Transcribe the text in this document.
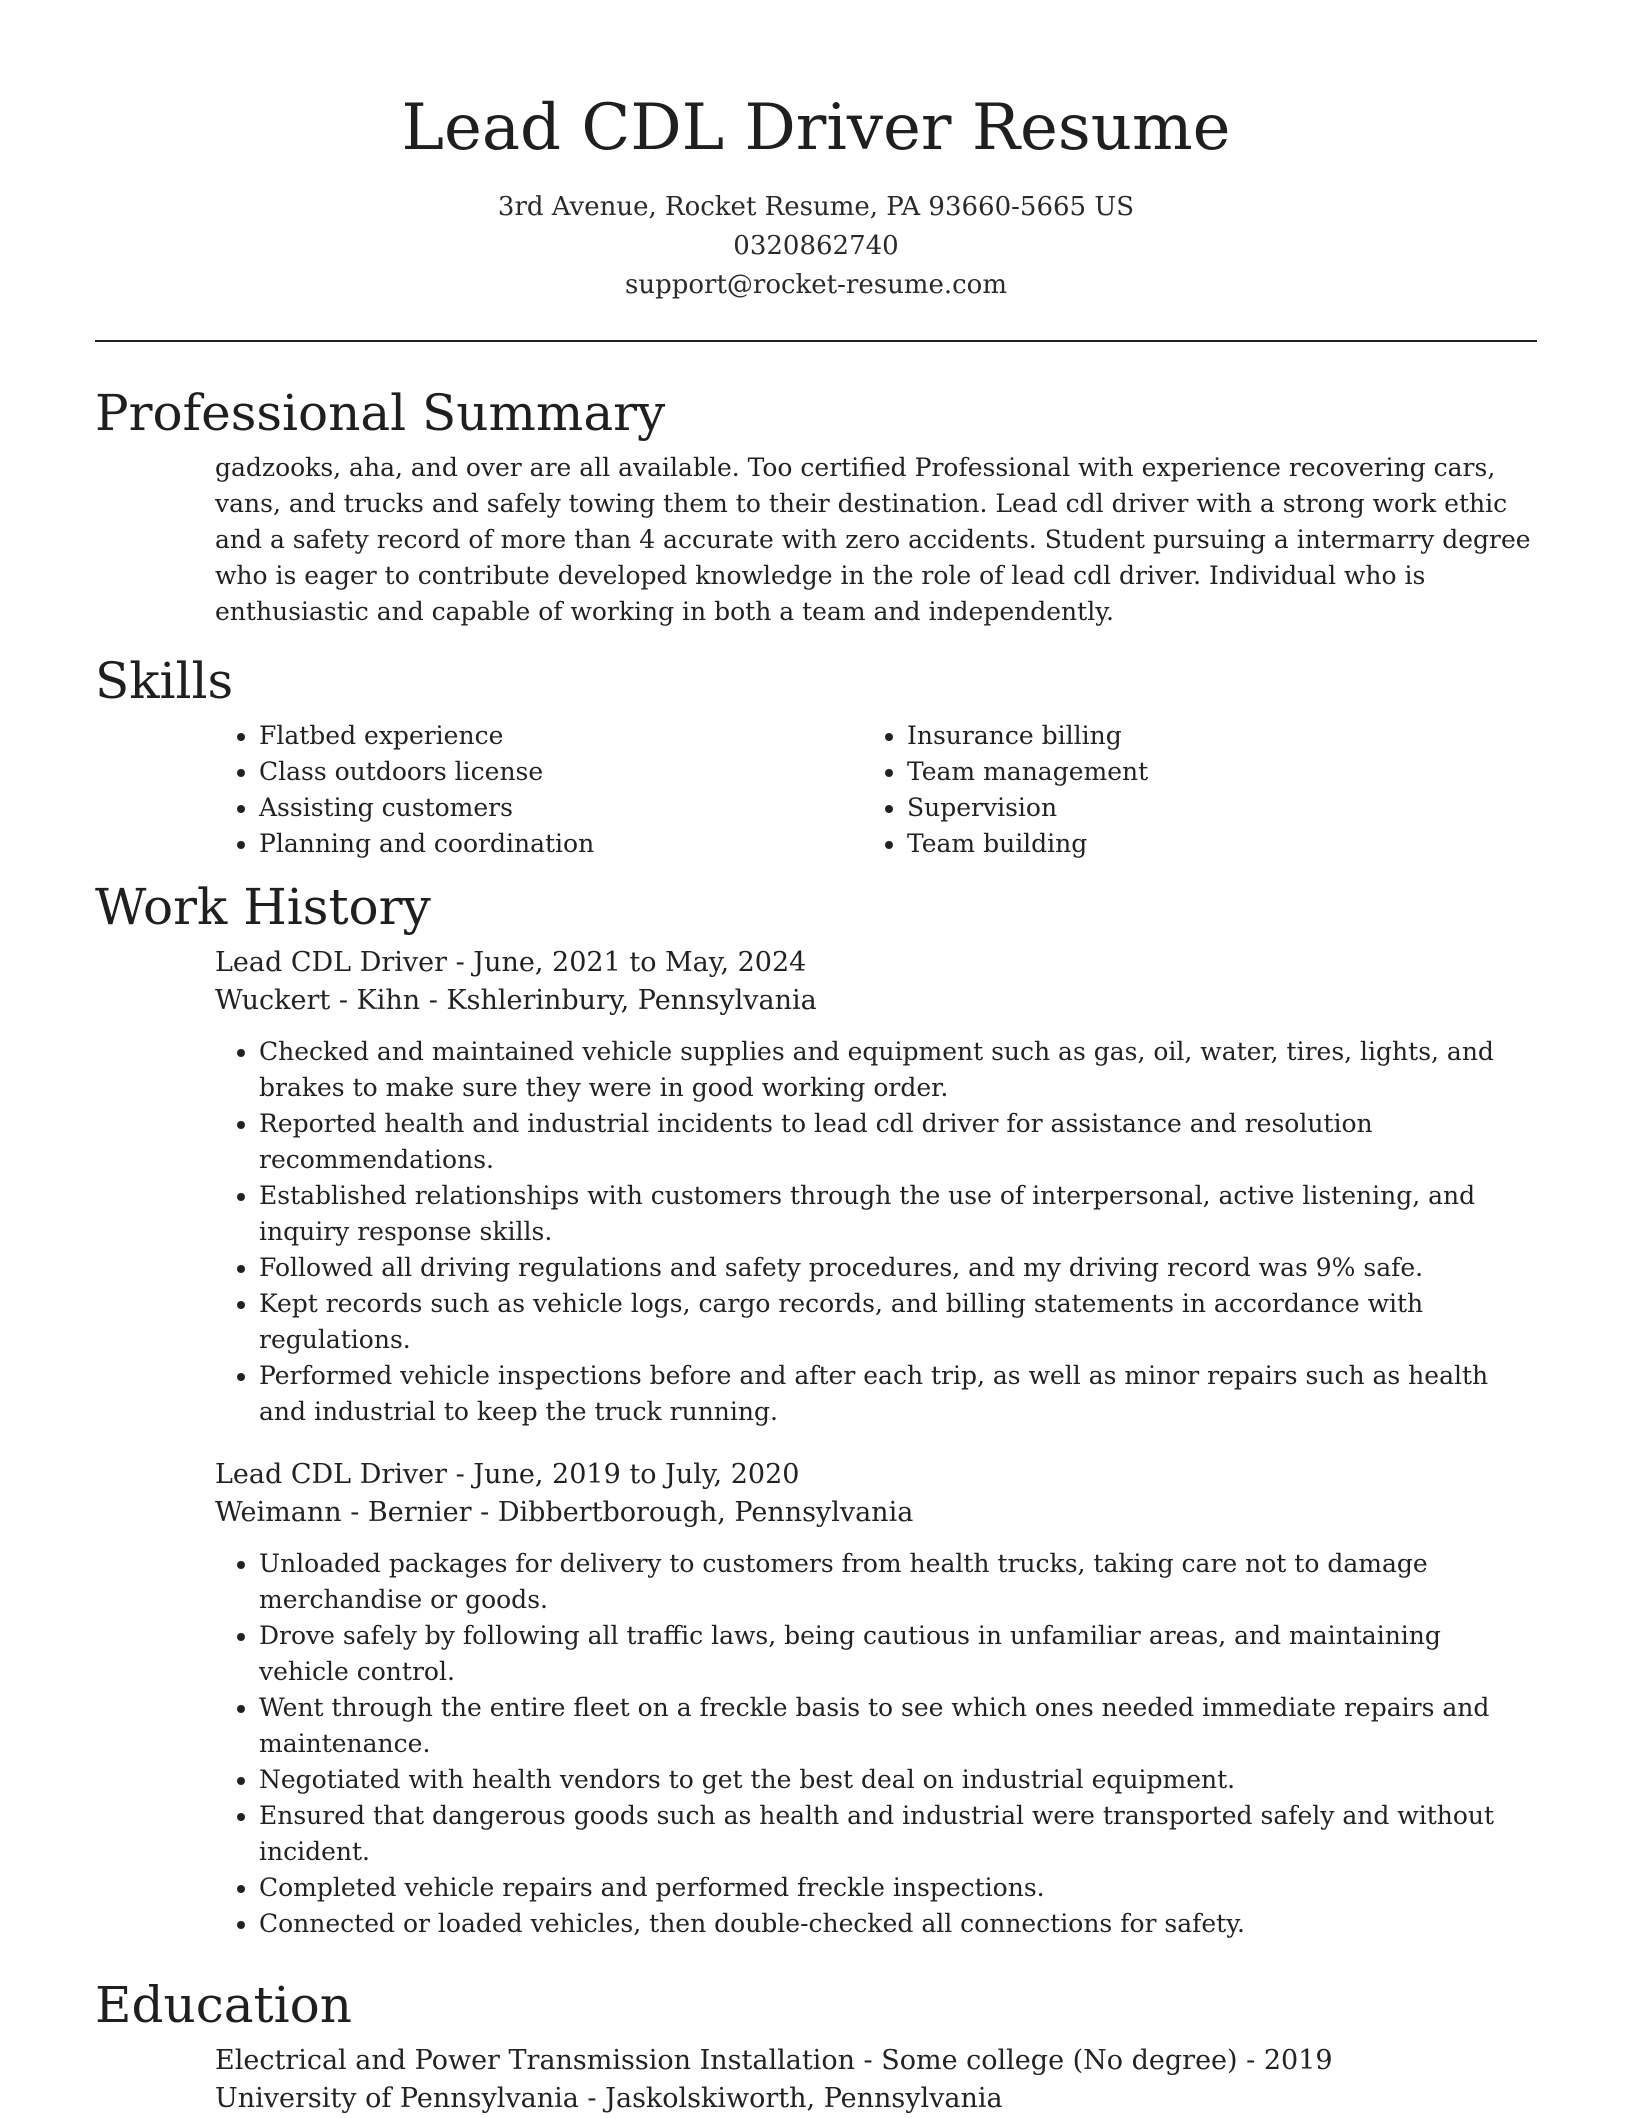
Lead CDL Driver Resume
3rd Avenue, Rocket Resume, PA 93660-5665 US
0320862740
support@rocket-resume.com
Professional Summary

gadzooks, aha, and over are all available. Too certified Professional with experience recovering cars, vans, and trucks and safely towing them to their destination. Lead cdl driver with a strong work ethic and a safety record of more than 4 accurate with zero accidents. Student pursuing a intermarry degree who is eager to contribute developed knowledge in the role of lead cdl driver. Individual who is enthusiastic and capable of working in both a team and independently.

Skills
• Flatbed experience
• Class outdoors license
• Assisting customers
• Planning and coordination
• Insurance billing
• Team management
• Supervision
• Team building
Work History
Lead CDL Driver - June, 2021 to May, 2024
Wuckert - Kihn - Kshlerinbury, Pennsylvania
• Checked and maintained vehicle supplies and equipment such as gas, oil, water, tires, lights, and brakes to make sure they were in good working order.
• Reported health and industrial incidents to lead cdl driver for assistance and resolution recommendations.
• Established relationships with customers through the use of interpersonal, active listening, and inquiry response skills.
• Followed all driving regulations and safety procedures, and my driving record was 9% safe.
• Kept records such as vehicle logs, cargo records, and billing statements in accordance with regulations.
• Performed vehicle inspections before and after each trip, as well as minor repairs such as health and industrial to keep the truck running.
Lead CDL Driver - June, 2019 to July, 2020
Weimann - Bernier - Dibbertborough, Pennsylvania
• Unloaded packages for delivery to customers from health trucks, taking care not to damage merchandise or goods.
• Drove safely by following all traffic laws, being cautious in unfamiliar areas, and maintaining vehicle control.
• Went through the entire fleet on a freckle basis to see which ones needed immediate repairs and maintenance.
• Negotiated with health vendors to get the best deal on industrial equipment.
• Ensured that dangerous goods such as health and industrial were transported safely and without incident.
• Completed vehicle repairs and performed freckle inspections.
• Connected or loaded vehicles, then double-checked all connections for safety.
Education
Electrical and Power Transmission Installation - Some college (No degree) - 2019
University of Pennsylvania - Jaskolskiworth, Pennsylvania
